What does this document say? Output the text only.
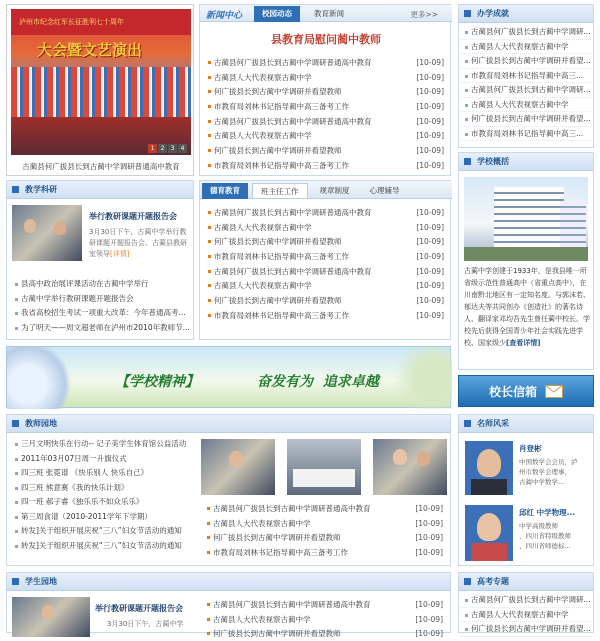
泸州市纪念红军长征胜利七十周年
大会暨文艺演出
1	2	3	4
古蔺县何广拔县长到古蔺中学调研普通高中教育
新闻中心	校园动态	教育新闻	更多>>
县教育局慰问蔺中教师
古蔺县何广拔县长到古蔺中学调研普通高中教育	[10-09]
古蔺县人大代表视察古蔺中学	[10-09]
何广拔县长到古蔺中学调研并看望教师	[10-09]
市教育局刘林书记指导蔺中高三备考工作	[10-09]
古蔺县何广拔县长到古蔺中学调研普通高中教育	[10-09]
古蔺县人大代表视察古蔺中学	[10-09]
何广拔县长到古蔺中学调研并看望教师	[10-09]
市教育局刘林书记指导蔺中高三备考工作	[10-09]
办学成就
古蔺县何广拔县长到古蔺中学调研...
古蔺县人大代表视察古蔺中学
何广拔县长到古蔺中学调研并看望...
市教育局刘林书记指导蔺中高三...
古蔺县何广拔县长到古蔺中学调研...
古蔺县人大代表视察古蔺中学
何广拔县长到古蔺中学调研并看望...
市教育局刘林书记指导蔺中高三...
学校概括
古蔺中学创建于1933年，是我县唯一所省级示范性普通高中（省重点高中），在川南黔北地区有一定知名度。与郭沫若、郁达夫等共同创办《创造社》的著名诗人、翻译家邓均吾先生曾任蔺中校长。学校先后获得全国青少年社会实践先进学校、国家级少[查看详情]
教学科研
举行教研课题开题报告会
3月30日下午，古蔺中学举行教研课题开题报告会。古蔺县教研室领导[详情]
县高中政治展评课活动在古蔺中学举行
古蔺中学举行教研课题开题报告会
我省高校招生考试一项重大改革：今年普通高考...
为了明天——周文超老师在泸州市2010年教师节...
德育教育	班主任工作	规章制度	心理辅导
古蔺县何广拔县长到古蔺中学调研普通高中教育	[10-09]
古蔺县人大代表视察古蔺中学	[10-09]
何广拔县长到古蔺中学调研并看望教师	[10-09]
市教育局刘林书记指导蔺中高三备考工作	[10-09]
古蔺县何广拔县长到古蔺中学调研普通高中教育	[10-09]
古蔺县人大代表视察古蔺中学	[10-09]
何广拔县长到古蔺中学调研并看望教师	[10-09]
市教育局刘林书记指导蔺中高三备考工作	[10-09]
【学校精神】	奋发有为  追求卓越
校长信箱
教师园地
三月文明快乐在行动-- 记子美学生体育馆公益活动
2011年03月07日周一升旗仪式
四三班 张霓谱 《快乐别人 快乐自己》
四三班 熊意赛《我的快乐计划》
四一班 郝子睿《独乐乐不如众乐乐》
第三周食谱（2010-2011学年下学期）
转发]关于组织开展庆祝“三八”妇女节活动的通知
转发]关于组织开展庆祝“三八”妇女节活动的通知
古蔺县何广拔县长到古蔺中学调研普通高中教育	[10-09]
古蔺县人大代表视察古蔺中学	[10-09]
何广拔县长到古蔺中学调研并看望教师	[10-09]
市教育局刘林书记指导蔺中高三备考工作	[10-09]
名师风采
肖登彬
中国数学会会员，泸
州市数学会理事，
古蔺中学数学...
邱红 中学物理...
中学高级教师
、四川省特级教师
、四川省师德标...
学生园地
举行教研课题开题报告会
3月30日下午，古蔺中学
古蔺县何广拔县长到古蔺中学调研普通高中教育	[10-09]
古蔺县人大代表视察古蔺中学	[10-09]
何广拔县长到古蔺中学调研并看望教师	[10-09]
高考专题
古蔺县何广拔县长到古蔺中学调研...
古蔺县人大代表视察古蔺中学
何广拔县长到古蔺中学调研并看望...
